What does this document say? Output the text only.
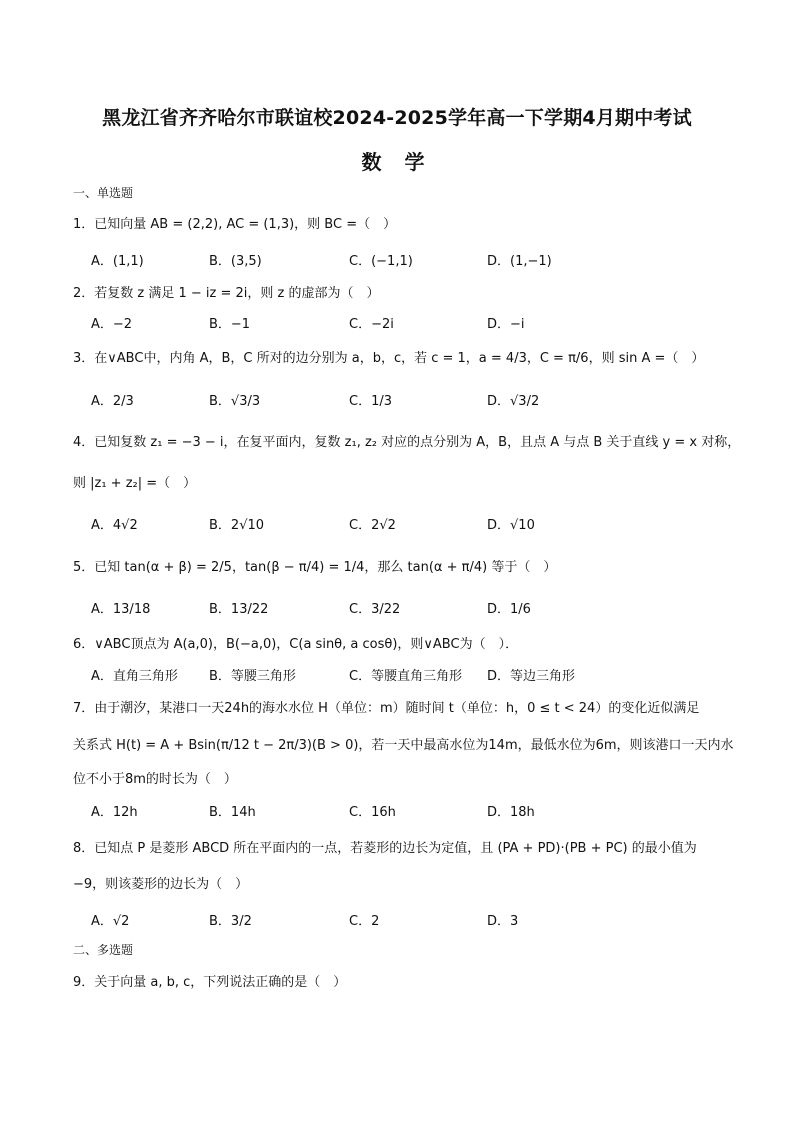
黑龙江省齐齐哈尔市联谊校2024-2025学年高一下学期4月期中考试
数 学
一、单选题
1．已知向量 AB = (2,2), AC = (1,3)，则 BC =（　）
A．(1,1)	B．(3,5)	C．(−1,1)	D．(1,−1)
2．若复数 z 满足 1 − iz = 2i，则 z 的虚部为（　）
A．−2	B．−1	C．−2i	D．−i
3．在∨ABC中，内角 A，B，C 所对的边分别为 a，b，c，若 c = 1，a = 4/3，C = π/6，则 sin A =（　）
A．2/3	B．√3/3	C．1/3	D．√3/2
4．已知复数 z₁ = −3 − i，在复平面内，复数 z₁, z₂ 对应的点分别为 A，B，且点 A 与点 B 关于直线 y = x 对称，
则 |z₁ + z₂| =（　）
A．4√2	B．2√10	C．2√2	D．√10
5．已知 tan(α + β) = 2/5，tan(β − π/4) = 1/4，那么 tan(α + π/4) 等于（　）
A．13/18	B．13/22	C．3/22	D．1/6
6．∨ABC顶点为 A(a,0)，B(−a,0)，C(a sinθ, a cosθ)，则∨ABC为（　）．
A．直角三角形 B．等腰三角形	C．等腰直角三角形 D．等边三角形
7．由于潮汐，某港口一天24h的海水水位 H（单位：m）随时间 t（单位：h，0 ≤ t < 24）的变化近似满足
关系式 H(t) = A + Bsin(π/12 t − 2π/3)(B > 0)，若一天中最高水位为14m，最低水位为6m，则该港口一天内水
位不小于8m的时长为（　）
A．12h	B．14h	C．16h	D．18h
8．已知点 P 是菱形 ABCD 所在平面内的一点，若菱形的边长为定值，且 (PA + PD)·(PB + PC) 的最小值为
−9，则该菱形的边长为（　）
A．√2	B．3/2	C．2	D．3
二、多选题
9．关于向量 a, b, c，下列说法正确的是（　）
